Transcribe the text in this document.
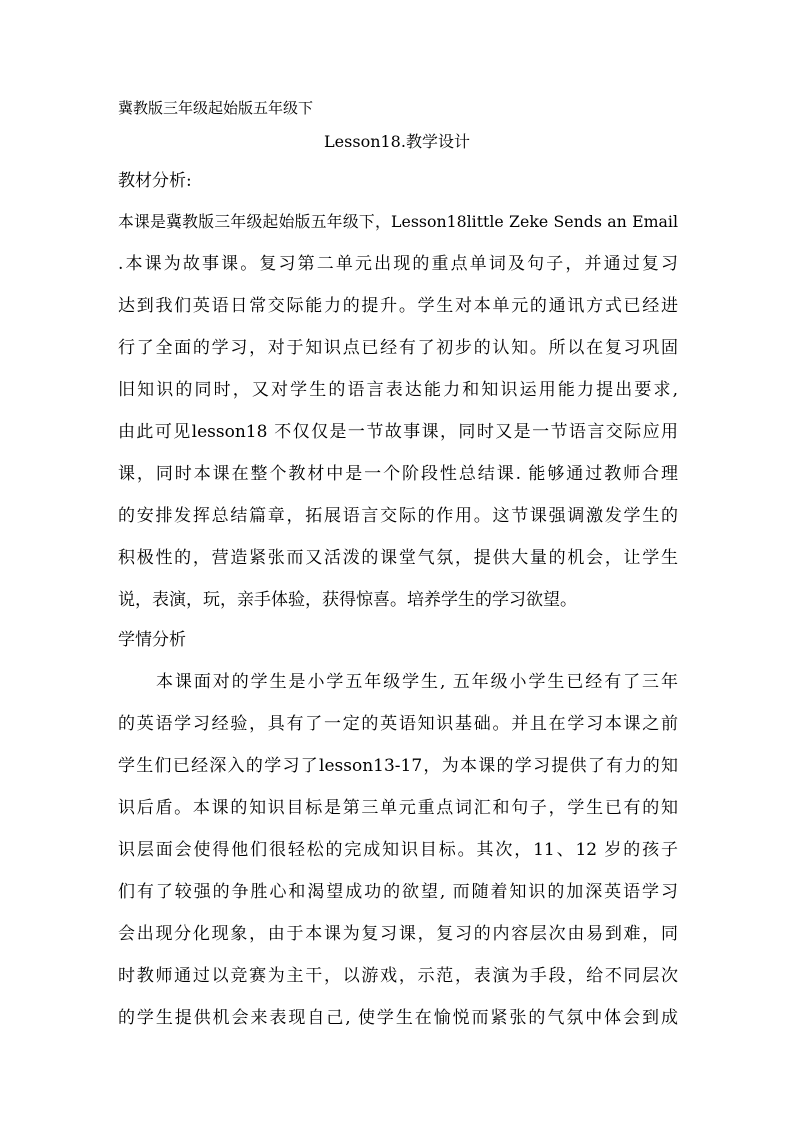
冀教版三年级起始版五年级下
Lesson18.教学设计
教材分析:
本课是冀教版三年级起始版五年级下，Lesson18little Zeke Sends an Email
.本课为故事课。复习第二单元出现的重点单词及句子，并通过复习
达到我们英语日常交际能力的提升。学生对本单元的通讯方式已经进
行了全面的学习，对于知识点已经有了初步的认知。所以在复习巩固
旧知识的同时，又对学生的语言表达能力和知识运用能力提出要求,
由此可见lesson18 不仅仅是一节故事课，同时又是一节语言交际应用
课，同时本课在整个教材中是一个阶段性总结课. 能够通过教师合理
的安排发挥总结篇章，拓展语言交际的作用。这节课强调激发学生的
积极性的，营造紧张而又活泼的课堂气氛，提供大量的机会，让学生
说，表演，玩，亲手体验，获得惊喜。培养学生的学习欲望。
学情分析
本课面对的学生是小学五年级学生, 五年级小学生已经有了三年
的英语学习经验，具有了一定的英语知识基础。并且在学习本课之前
学生们已经深入的学习了lesson13-17，为本课的学习提供了有力的知
识后盾。本课的知识目标是第三单元重点词汇和句子，学生已有的知
识层面会使得他们很轻松的完成知识目标。其次，11、12 岁的孩子
们有了较强的争胜心和渴望成功的欲望, 而随着知识的加深英语学习
会出现分化现象，由于本课为复习课，复习的内容层次由易到难，同
时教师通过以竞赛为主干，以游戏，示范，表演为手段，给不同层次
的学生提供机会来表现自己, 使学生在愉悦而紧张的气氛中体会到成
